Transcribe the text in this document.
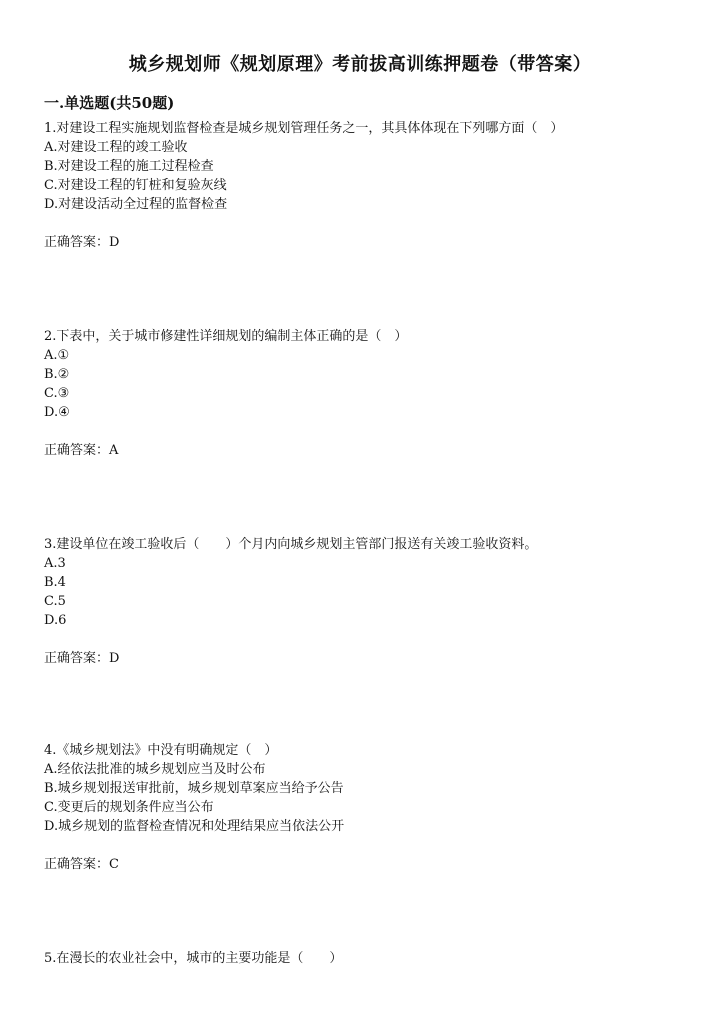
城乡规划师《规划原理》考前拔高训练押题卷（带答案）
一.单选题(共50题)
1.对建设工程实施规划监督检查是城乡规划管理任务之一，其具体体现在下列哪方面（　）
A.对建设工程的竣工验收
B.对建设工程的施工过程检查
C.对建设工程的钉桩和复验灰线
D.对建设活动全过程的监督检查
正确答案：D
2.下表中，关于城市修建性详细规划的编制主体正确的是（　）
A.①
B.②
C.③
D.④
正确答案：A
3.建设单位在竣工验收后（　　）个月内向城乡规划主管部门报送有关竣工验收资料。
A.3
B.4
C.5
D.6
正确答案：D
4.《城乡规划法》中没有明确规定（　）
A.经依法批准的城乡规划应当及时公布
B.城乡规划报送审批前，城乡规划草案应当给予公告
C.变更后的规划条件应当公布
D.城乡规划的监督检查情况和处理结果应当依法公开
正确答案：C
5.在漫长的农业社会中，城市的主要功能是（　　）
